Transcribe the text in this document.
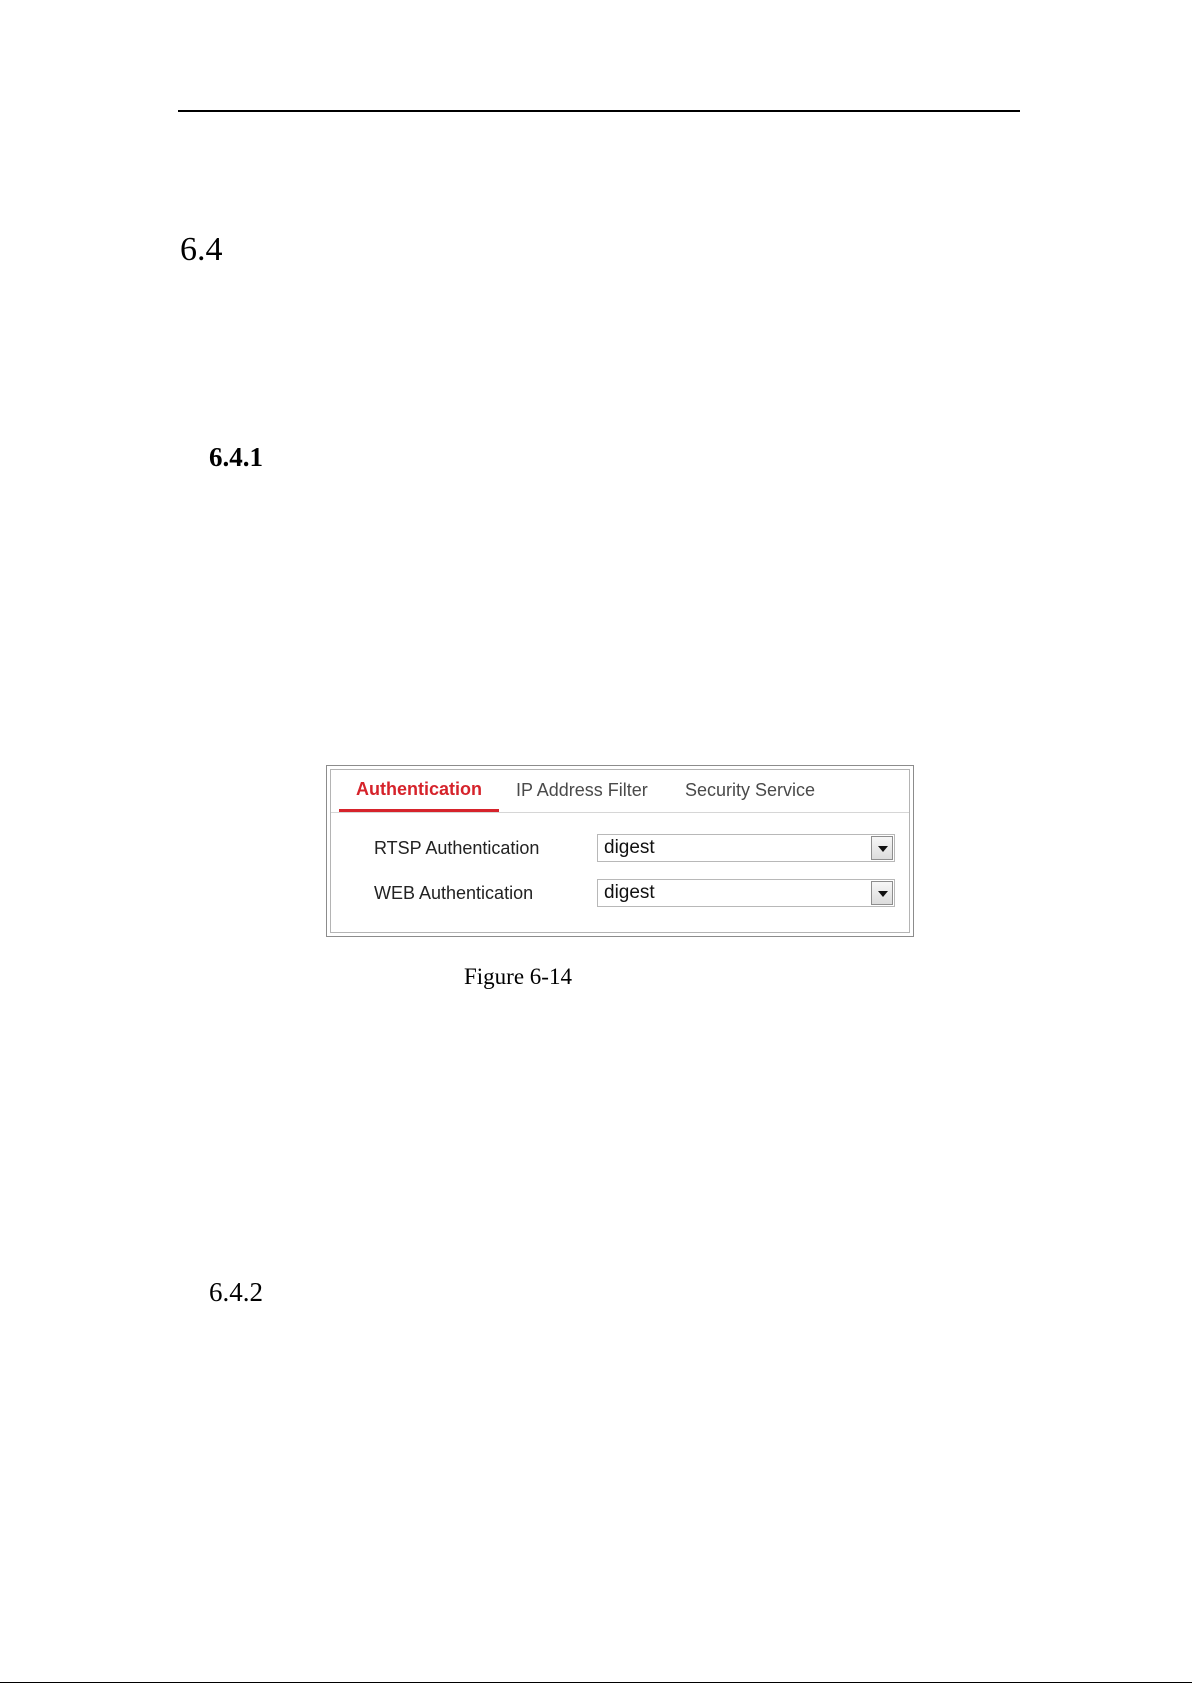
6.4
6.4.1
Authentication	IP Address Filter Security Service
RTSP Authentication	digest
WEB Authentication	digest
Figure 6-14
6.4.2
